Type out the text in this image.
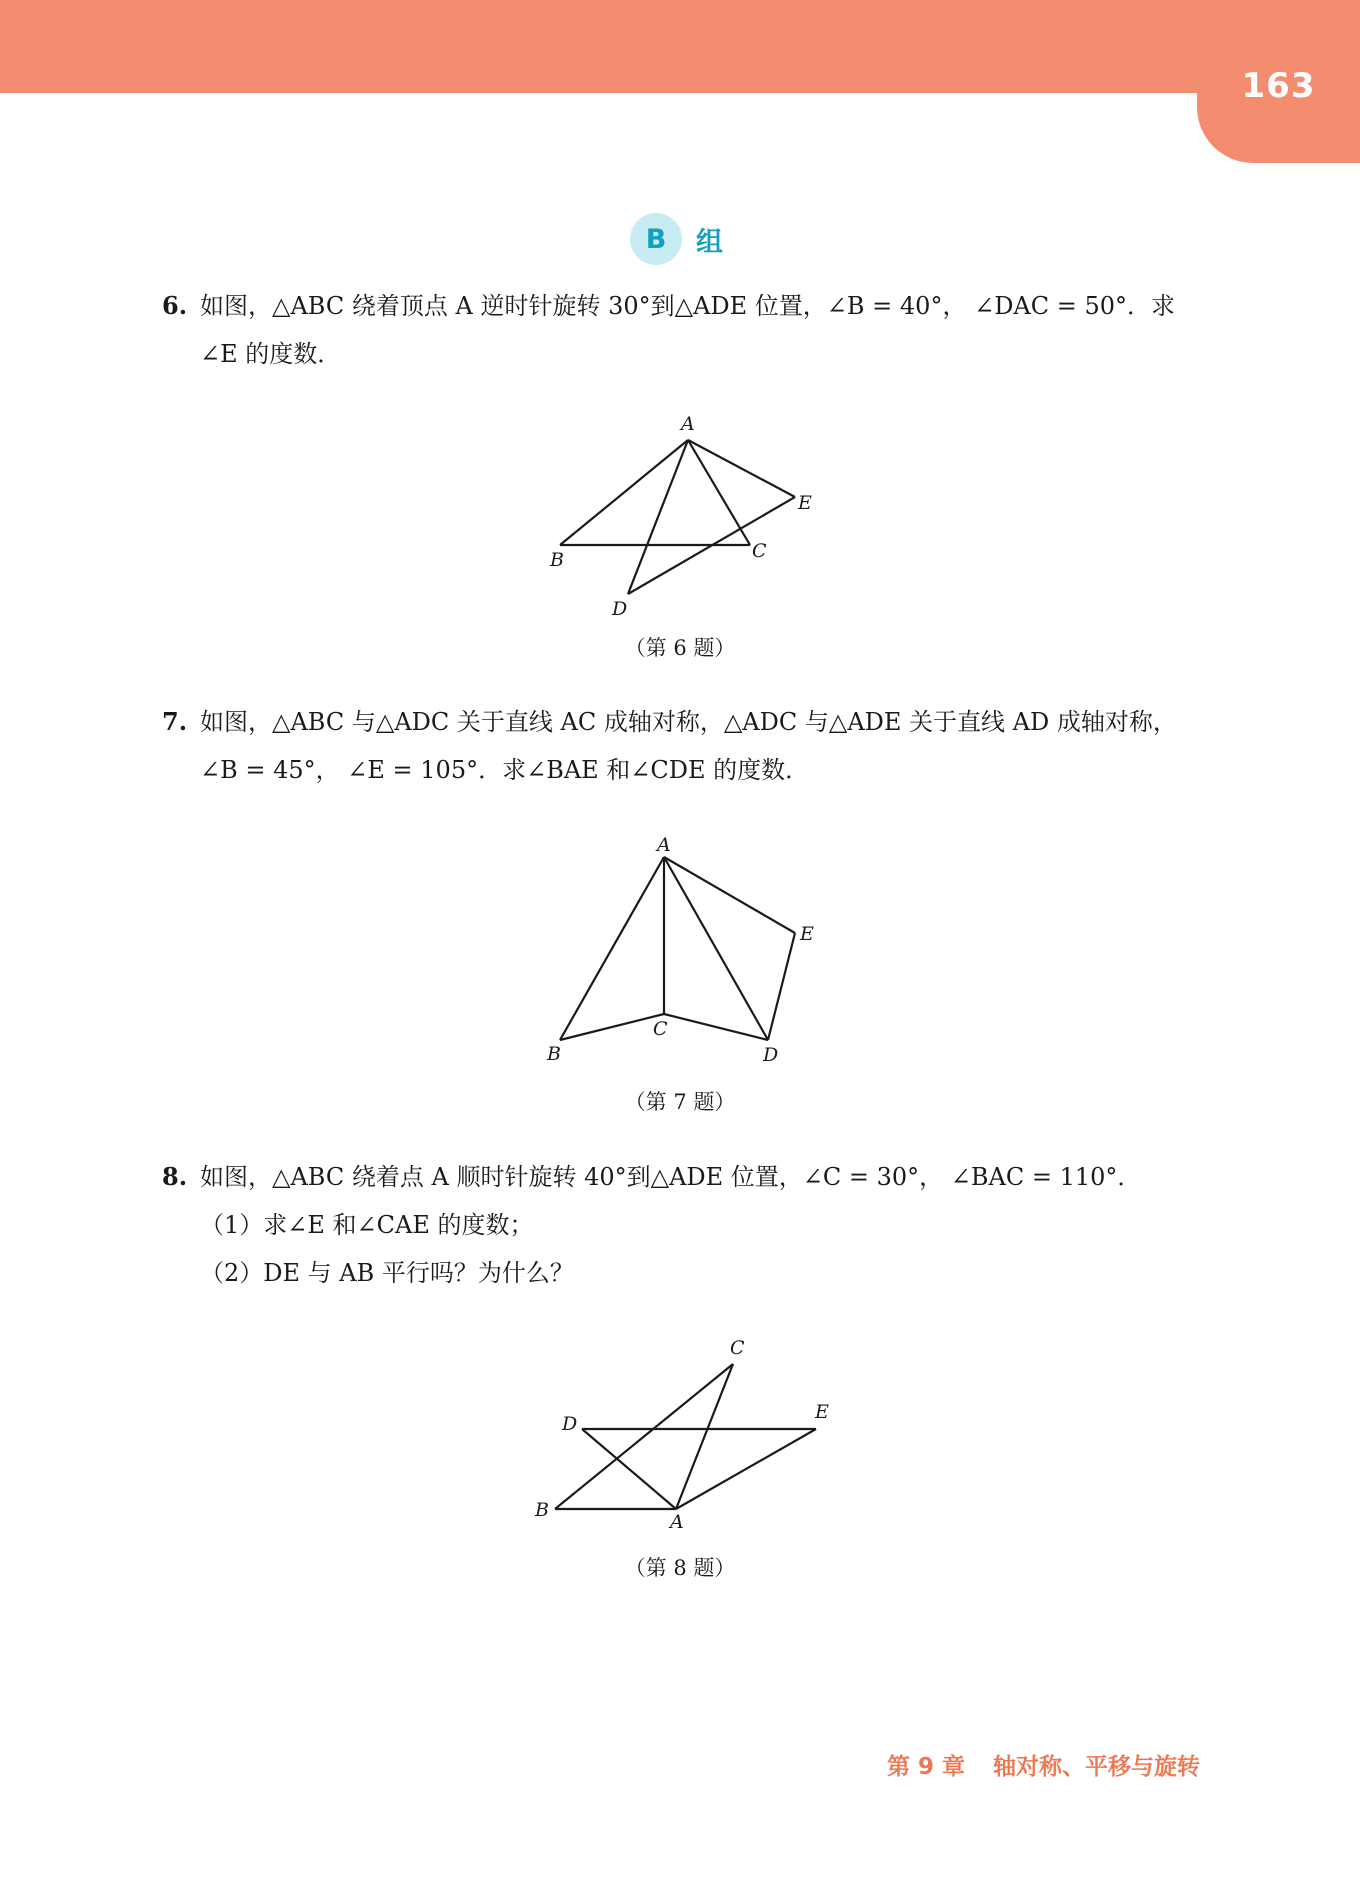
163
B	组
6. 如图，△ABC 绕着顶点 A 逆时针旋转 30°到△ADE 位置，∠B = 40°， ∠DAC = 50°．求
∠E 的度数．
A
B	C
D
E
（第 6 题）
7. 如图，△ABC 与△ADC 关于直线 AC 成轴对称，△ADC 与△ADE 关于直线 AD 成轴对称，
∠B = 45°， ∠E = 105°．求∠BAE 和∠CDE 的度数．
A
B
C
D
E
（第 7 题）
8. 如图，△ABC 绕着点 A 顺时针旋转 40°到△ADE 位置，∠C = 30°， ∠BAC = 110°．
（1）求∠E 和∠CAE 的度数；
（2）DE 与 AB 平行吗？为什么？
A
B
C
D
E
（第 8 题）
第 9 章 轴对称、平移与旋转
